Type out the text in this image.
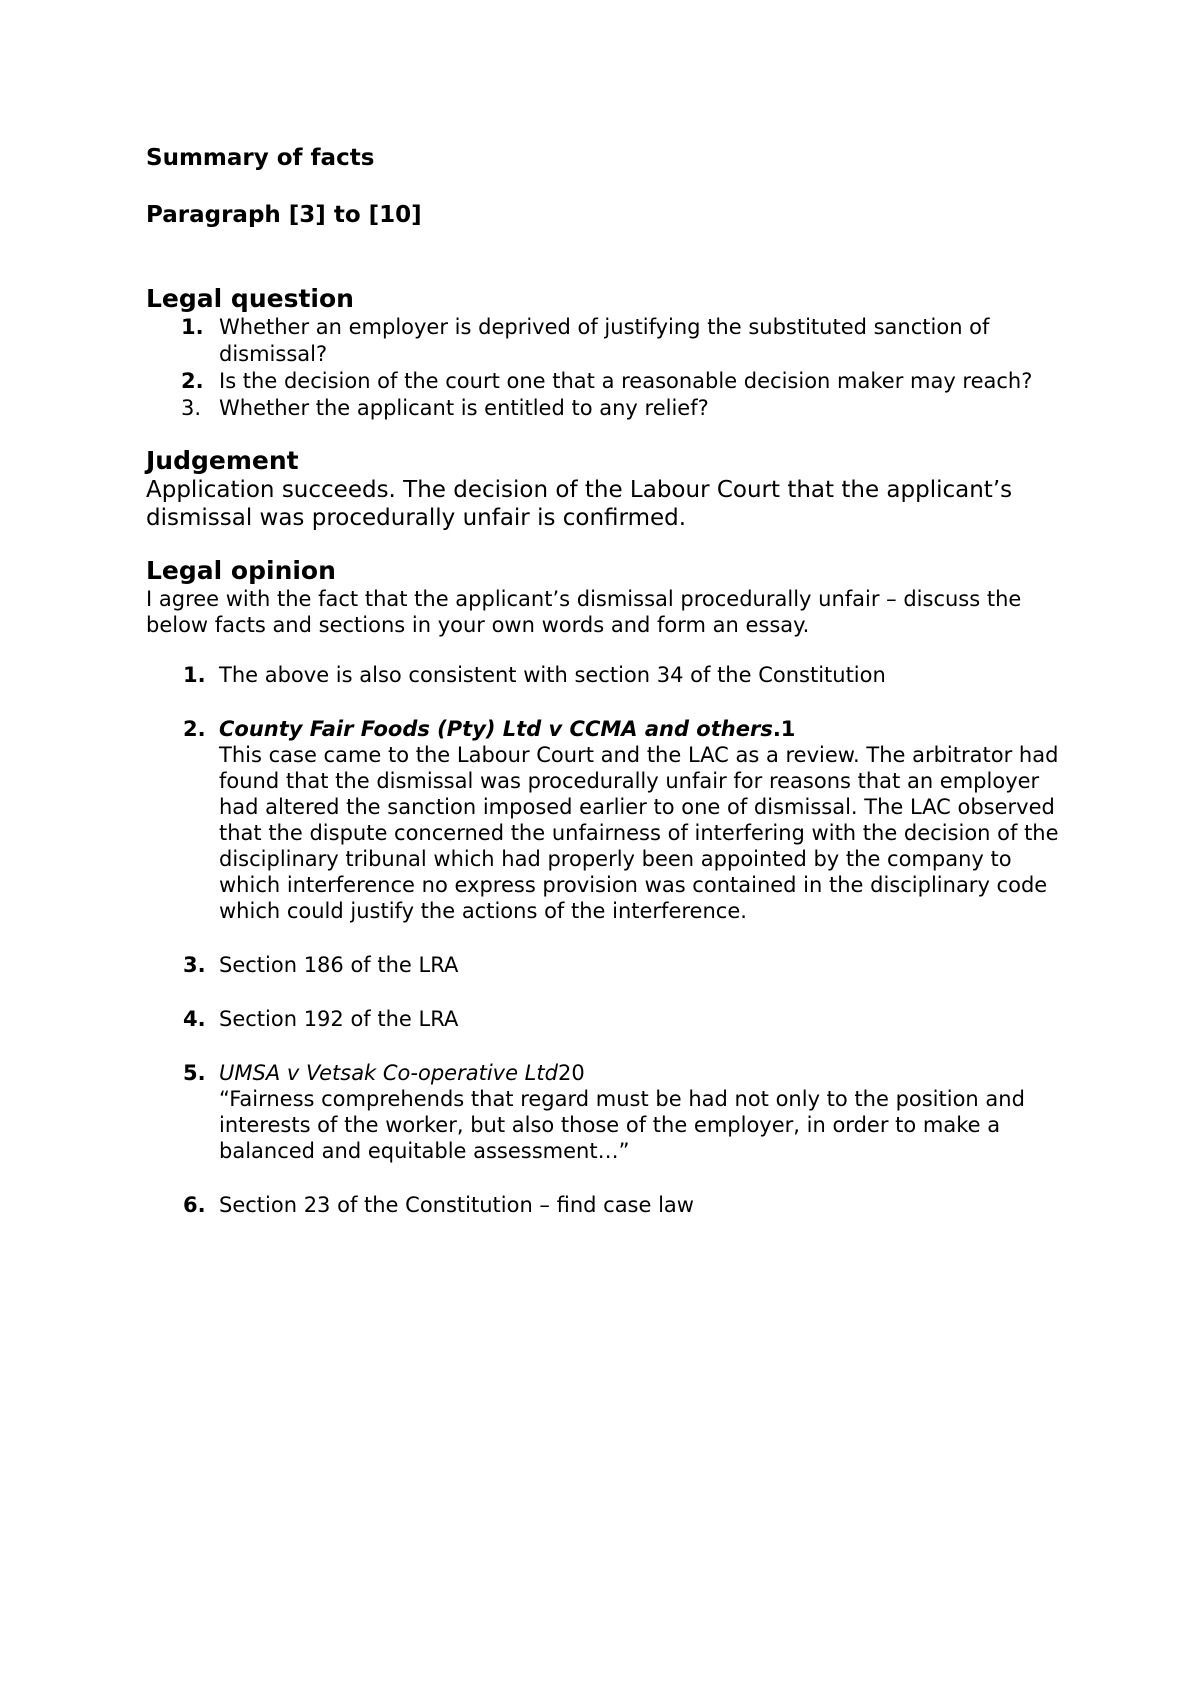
Summary of facts

Paragraph [3] to [10]

Legal question

1. Whether an employer is deprived of justifying the substituted sanction of dismissal?
2. Is the decision of the court one that a reasonable decision maker may reach?
3. Whether the applicant is entitled to any relief?

Judgement

Application succeeds. The decision of the Labour Court that the applicant’s dismissal was procedurally unfair is confirmed.

Legal opinion

I agree with the fact that the applicant’s dismissal procedurally unfair – discuss the below facts and sections in your own words and form an essay.

1. The above is also consistent with section 34 of the Constitution
2. County Fair Foods (Pty) Ltd v CCMA and others.1
This case came to the Labour Court and the LAC as a review. The arbitrator had found that the dismissal was procedurally unfair for reasons that an employer had altered the sanction imposed earlier to one of dismissal. The LAC observed that the dispute concerned the unfairness of interfering with the decision of the disciplinary tribunal which had properly been appointed by the company to which interference no express provision was contained in the disciplinary code which could justify the actions of the interference.
3. Section 186 of the LRA
4. Section 192 of the LRA
5. UMSA v Vetsak Co-operative Ltd20
“Fairness comprehends that regard must be had not only to the position and interests of the worker, but also those of the employer, in order to make a balanced and equitable assessment…”
6. Section 23 of the Constitution – find case law
